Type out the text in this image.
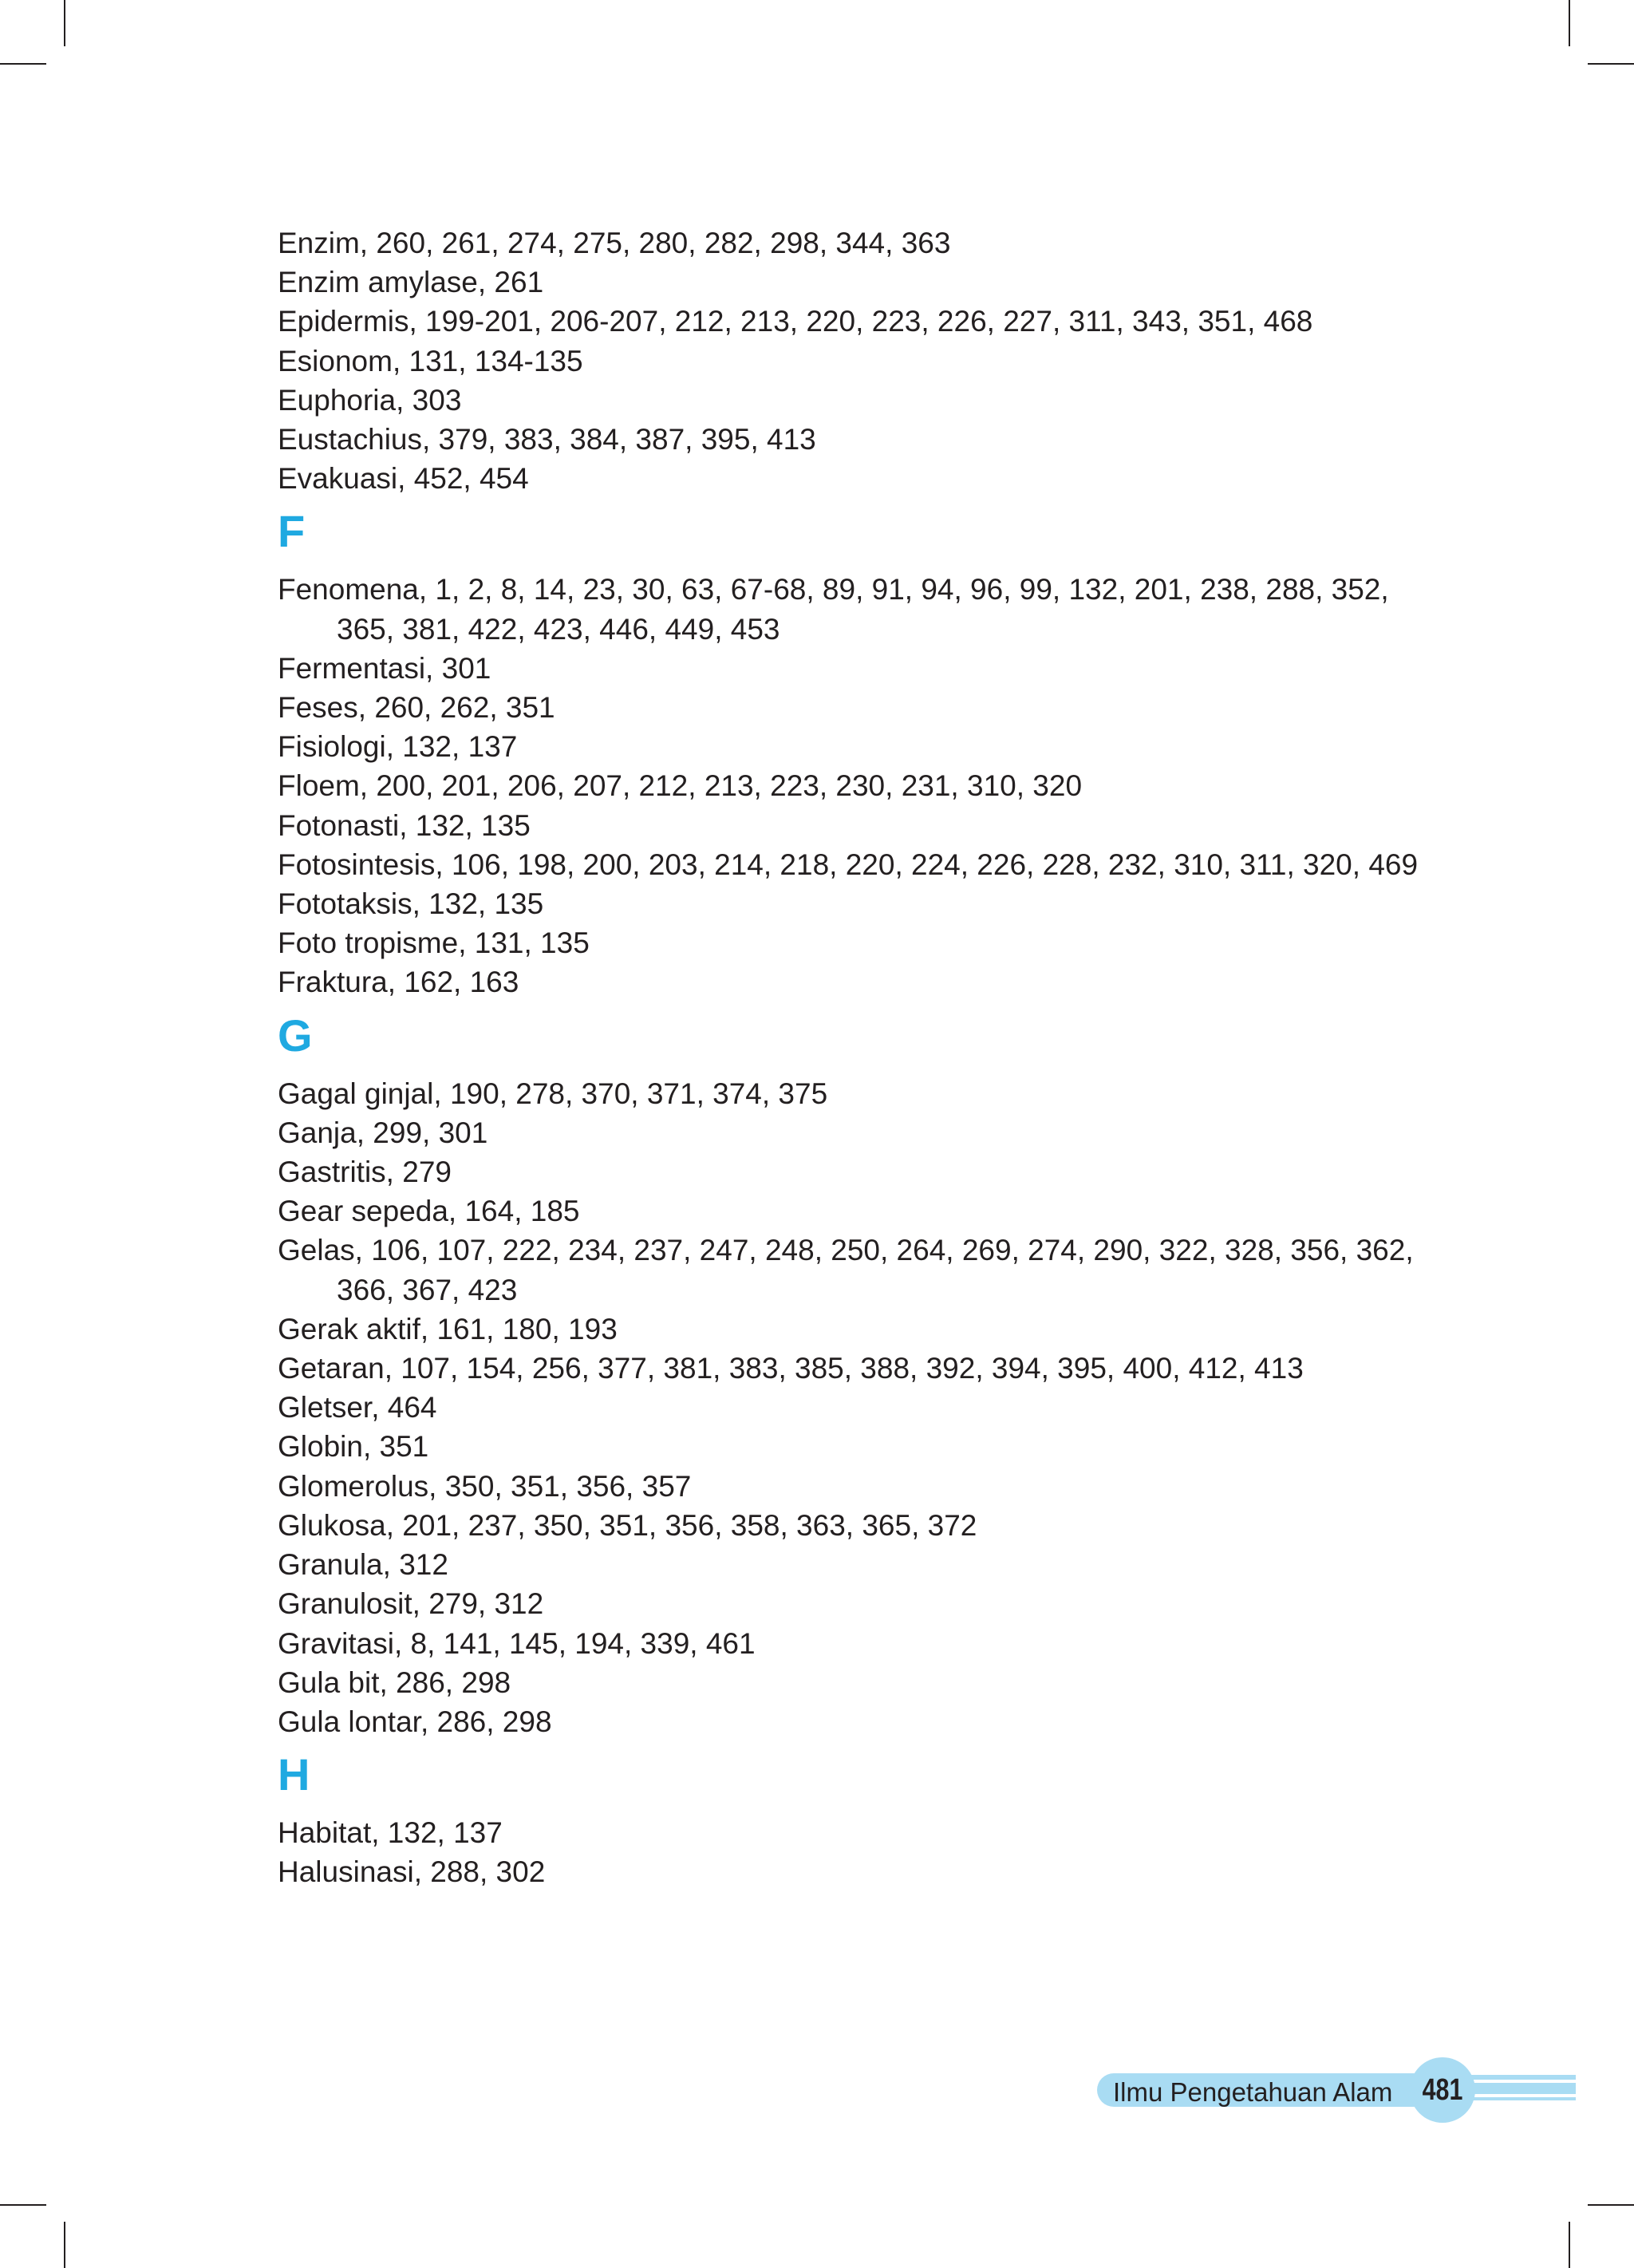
Enzim, 260, 261, 274, 275, 280, 282, 298, 344, 363
Enzim amylase, 261
Epidermis, 199-201, 206-207, 212, 213, 220, 223, 226, 227, 311, 343, 351, 468
Esionom, 131, 134-135
Euphoria, 303
Eustachius, 379, 383, 384, 387, 395, 413
Evakuasi, 452, 454
F
Fenomena, 1, 2, 8, 14, 23, 30, 63, 67-68, 89, 91, 94, 96, 99, 132, 201, 238, 288, 352, 365, 381, 422, 423, 446, 449, 453
Fermentasi, 301
Feses, 260, 262, 351
Fisiologi, 132, 137
Floem, 200, 201, 206, 207, 212, 213, 223, 230, 231, 310, 320
Fotonasti, 132, 135
Fotosintesis, 106, 198, 200, 203, 214, 218, 220, 224, 226, 228, 232, 310, 311, 320, 469
Fototaksis, 132, 135
Foto tropisme, 131, 135
Fraktura, 162, 163
G
Gagal ginjal, 190, 278, 370, 371, 374, 375
Ganja, 299, 301
Gastritis, 279
Gear sepeda, 164, 185
Gelas, 106, 107, 222, 234, 237, 247, 248, 250, 264, 269, 274, 290, 322, 328, 356, 362, 366, 367, 423
Gerak aktif, 161, 180, 193
Getaran, 107, 154, 256, 377, 381, 383, 385, 388, 392, 394, 395, 400, 412, 413
Gletser, 464
Globin, 351
Glomerolus, 350, 351, 356, 357
Glukosa, 201, 237, 350, 351, 356, 358, 363, 365, 372
Granula, 312
Granulosit, 279, 312
Gravitasi, 8, 141, 145, 194, 339, 461
Gula bit, 286, 298
Gula lontar, 286, 298
H
Habitat, 132, 137
Halusinasi, 288, 302
Ilmu Pengetahuan Alam 481
